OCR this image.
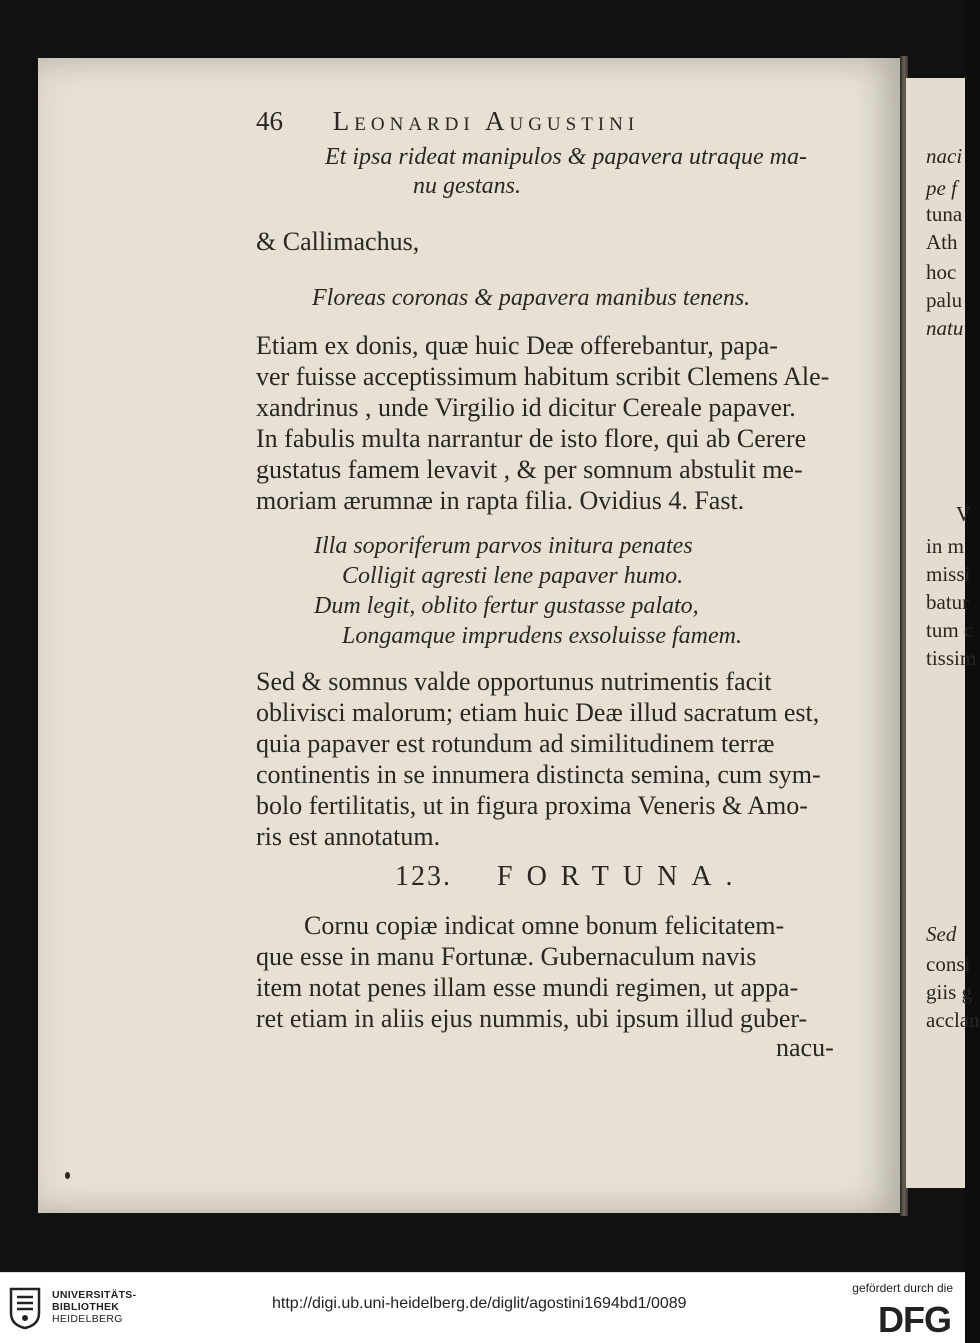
naci
pe f
tuna
Ath
hoc
palu
natu
V
in m
missi
batur
tum c
tissim
Sed
consi
giis g
acclan
46 Leonardi Augustini
Et ipsa rideat manipulos & papavera utraque ma-
nu gestans.
& Callimachus,
Floreas coronas & papavera manibus tenens.
Etiam ex donis, quæ huic Deæ offerebantur, papa-
ver fuisse acceptissimum habitum scribit Clemens Ale-
xandrinus , unde Virgilio id dicitur Cereale papaver.
In fabulis multa narrantur de isto flore, qui ab Cerere
gustatus famem levavit , & per somnum abstulit me-
moriam ærumnæ in rapta filia. Ovidius 4. Fast.
Illa soporiferum parvos initura penates
Colligit agresti lene papaver humo.
Dum legit, oblito fertur gustasse palato,
Longamque imprudens exsoluisse famem.
Sed & somnus valde opportunus nutrimentis facit
oblivisci malorum; etiam huic Deæ illud sacratum est,
quia papaver est rotundum ad similitudinem terræ
continentis in se innumera distincta semina, cum sym-
bolo fertilitatis, ut in figura proxima Veneris & Amo-
ris est annotatum.
123. FORTUNA.
Cornu copiæ indicat omne bonum felicitatem-
que esse in manu Fortunæ. Gubernaculum navis
item notat penes illam esse mundi regimen, ut appa-
ret etiam in aliis ejus nummis, ubi ipsum illud guber-
nacu-
UNIVERSITÄTS-
BIBLIOTHEK
HEIDELBERG
http://digi.ub.uni-heidelberg.de/diglit/agostini1694bd1/0089
gefördert durch die
DFG
